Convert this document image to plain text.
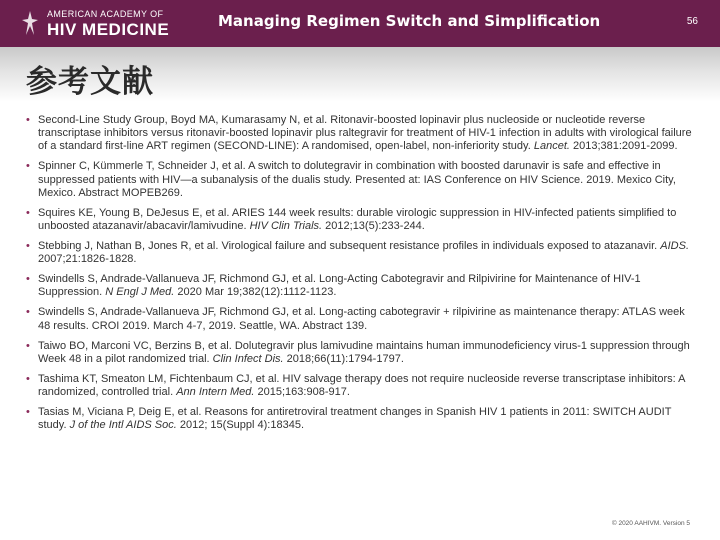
AMERICAN ACADEMY OF
HIV MEDICINE	Managing Regimen Switch and Simplification	56
参考文献
• Second-Line Study Group, Boyd MA, Kumarasamy N, et al. Ritonavir-boosted lopinavir plus nucleoside or nucleotide reverse transcriptase inhibitors versus ritonavir-boosted lopinavir plus raltegravir for treatment of HIV-1 infection in adults with virological failure of a standard first-line ART regimen (SECOND-LINE): A randomised, open-label, non-inferiority study. Lancet. 2013;381:2091-2099.
• Spinner C, Kümmerle T, Schneider J, et al. A switch to dolutegravir in combination with boosted darunavir is safe and effective in suppressed patients with HIV—a subanalysis of the dualis study. Presented at: IAS Conference on HIV Science. 2019. Mexico City, Mexico. Abstract MOPEB269.
• Squires KE, Young B, DeJesus E, et al. ARIES 144 week results: durable virologic suppression in HIV-infected patients simplified to unboosted atazanavir/abacavir/lamivudine. HIV Clin Trials. 2012;13(5):233-244.
• Stebbing J, Nathan B, Jones R, et al. Virological failure and subsequent resistance profiles in individuals exposed to atazanavir. AIDS. 2007;21:1826-1828.
• Swindells S, Andrade-Vallanueva JF, Richmond GJ, et al. Long-Acting Cabotegravir and Rilpivirine for Maintenance of HIV-1 Suppression. N Engl J Med. 2020 Mar 19;382(12):1112-1123.
• Swindells S, Andrade-Vallanueva JF, Richmond GJ, et al. Long-acting cabotegravir + rilpivirine as maintenance therapy: ATLAS week 48 results. CROI 2019. March 4-7, 2019. Seattle, WA. Abstract 139.
• Taiwo BO, Marconi VC, Berzins B, et al. Dolutegravir plus lamivudine maintains human immunodeficiency virus-1 suppression through Week 48 in a pilot randomized trial. Clin Infect Dis. 2018;66(11):1794-1797.
• Tashima KT, Smeaton LM, Fichtenbaum CJ, et al. HIV salvage therapy does not require nucleoside reverse transcriptase inhibitors: A randomized, controlled trial. Ann Intern Med. 2015;163:908-917.
• Tasias M, Viciana P, Deig E, et al. Reasons for antiretroviral treatment changes in Spanish HIV 1 patients in 2011: SWITCH AUDIT study. J of the Intl AIDS Soc. 2012; 15(Suppl 4):18345.
© 2020 AAHIVM. Version 5
